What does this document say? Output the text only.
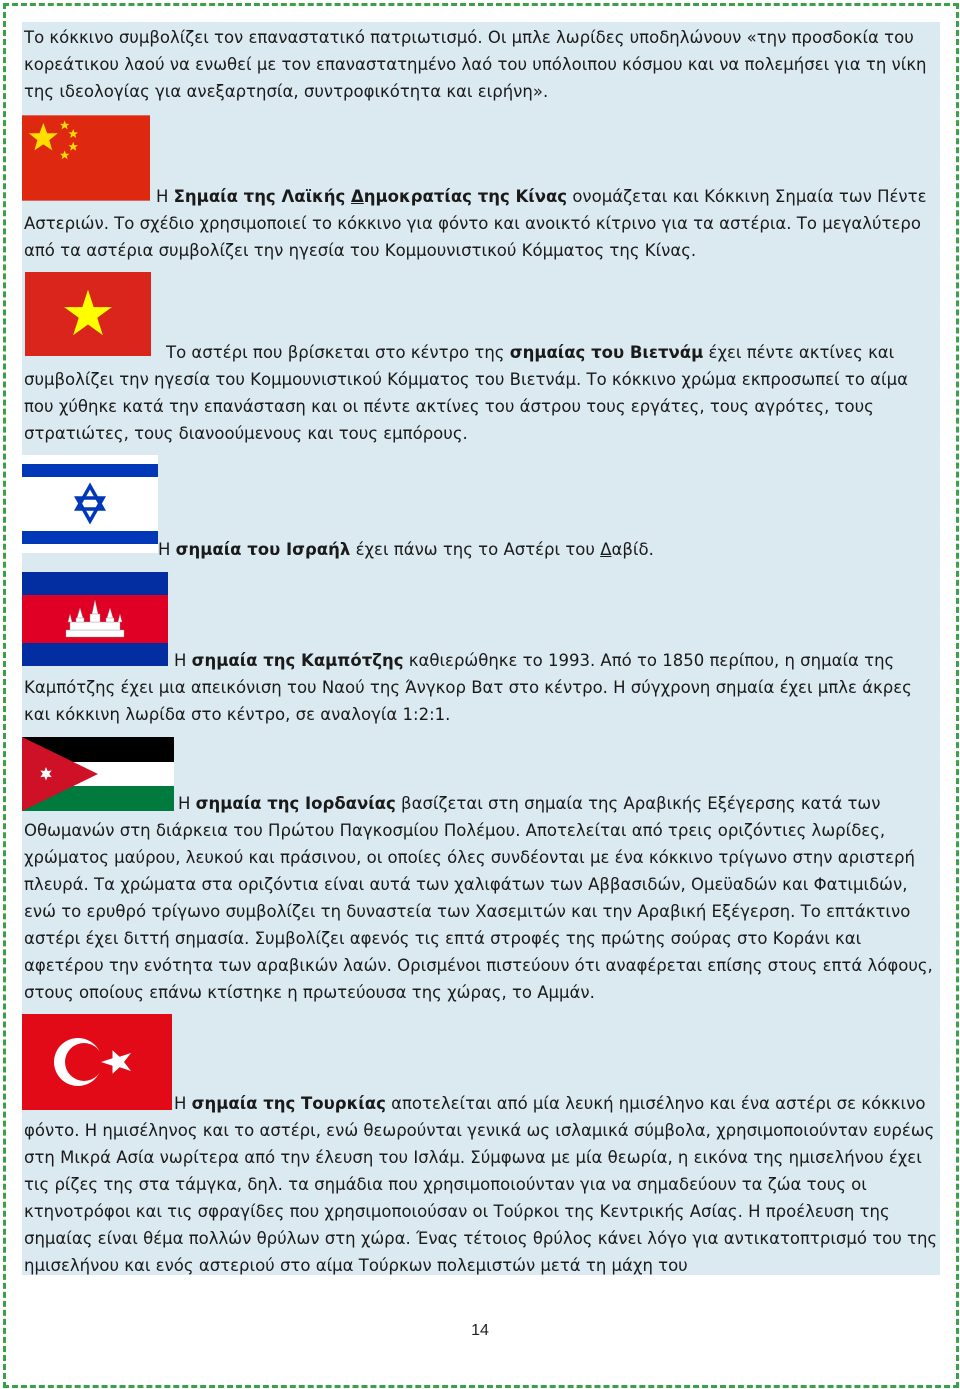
Το κόκκινο συμβολίζει τον επαναστατικό πατριωτισμό. Οι μπλε λωρίδες υποδηλώνουν «την προσδοκία του κορεάτικου λαού να ενωθεί με τον επαναστατημένο λαό του υπόλοιπου κόσμου και να πολεμήσει για τη νίκη της ιδεολογίας για ανεξαρτησία, συντροφικότητα και ειρήνη».
Η Σημαία της Λαϊκής Δημοκρατίας της Κίνας ονομάζεται και Κόκκινη Σημαία των Πέντε Αστεριών. Το σχέδιο χρησιμοποιεί το κόκκινο για φόντο και ανοικτό κίτρινο για τα αστέρια. Το μεγαλύτερο από τα αστέρια συμβολίζει την ηγεσία του Κομμουνιστικού Κόμματος της Κίνας.
Το αστέρι που βρίσκεται στο κέντρο της σημαίας του Βιετνάμ έχει πέντε ακτίνες και συμβολίζει την ηγεσία του Κομμουνιστικού Κόμματος του Βιετνάμ. Το κόκκινο χρώμα εκπροσωπεί το αίμα που χύθηκε κατά την επανάσταση και οι πέντε ακτίνες του άστρου τους εργάτες, τους αγρότες, τους στρατιώτες, τους διανοούμενους και τους εμπόρους.
Η σημαία του Ισραήλ έχει πάνω της το Αστέρι του Δαβίδ.
Η σημαία της Καμπότζης καθιερώθηκε το 1993. Από το 1850 περίπου, η σημαία της Καμπότζης έχει μια απεικόνιση του Ναού της Άνγκορ Βατ στο κέντρο. Η σύγχρονη σημαία έχει μπλε άκρες και κόκκινη λωρίδα στο κέντρο, σε αναλογία 1:2:1.
Η σημαία της Ιορδανίας βασίζεται στη σημαία της Αραβικής Εξέγερσης κατά των Οθωμανών στη διάρκεια του Πρώτου Παγκοσμίου Πολέμου. Αποτελείται από τρεις οριζόντιες λωρίδες, χρώματος μαύρου, λευκού και πράσινου, οι οποίες όλες συνδέονται με ένα κόκκινο τρίγωνο στην αριστερή πλευρά. Τα χρώματα στα οριζόντια είναι αυτά των χαλιφάτων των Αββασιδών, Ομεϋαδών και Φατιμιδών, ενώ το ερυθρό τρίγωνο συμβολίζει τη δυναστεία των Χασεμιτών και την Αραβική Εξέγερση. Το επτάκτινο αστέρι έχει διττή σημασία. Συμβολίζει αφενός τις επτά στροφές της πρώτης σούρας στο Κοράνι και αφετέρου την ενότητα των αραβικών λαών. Ορισμένοι πιστεύουν ότι αναφέρεται επίσης στους επτά λόφους, στους οποίους επάνω κτίστηκε η πρωτεύουσα της χώρας, το Αμμάν.
Η σημαία της Τουρκίας αποτελείται από μία λευκή ημισέληνο και ένα αστέρι σε κόκκινο φόντο. Η ημισέληνος και το αστέρι, ενώ θεωρούνται γενικά ως ισλαμικά σύμβολα, χρησιμοποιούνταν ευρέως στη Μικρά Ασία νωρίτερα από την έλευση του Ισλάμ. Σύμφωνα με μία θεωρία, η εικόνα της ημισελήνου έχει τις ρίζες της στα τάμγκα, δηλ. τα σημάδια που χρησιμοποιούνταν για να σημαδεύουν τα ζώα τους οι κτηνοτρόφοι και τις σφραγίδες που χρησιμοποιούσαν οι Τούρκοι της Κεντρικής Ασίας. Η προέλευση της σημαίας είναι θέμα πολλών θρύλων στη χώρα. Ένας τέτοιος θρύλος κάνει λόγο για αντικατοπτρισμό του της ημισελήνου και ενός αστεριού στο αίμα Τούρκων πολεμιστών μετά τη μάχη του
14
